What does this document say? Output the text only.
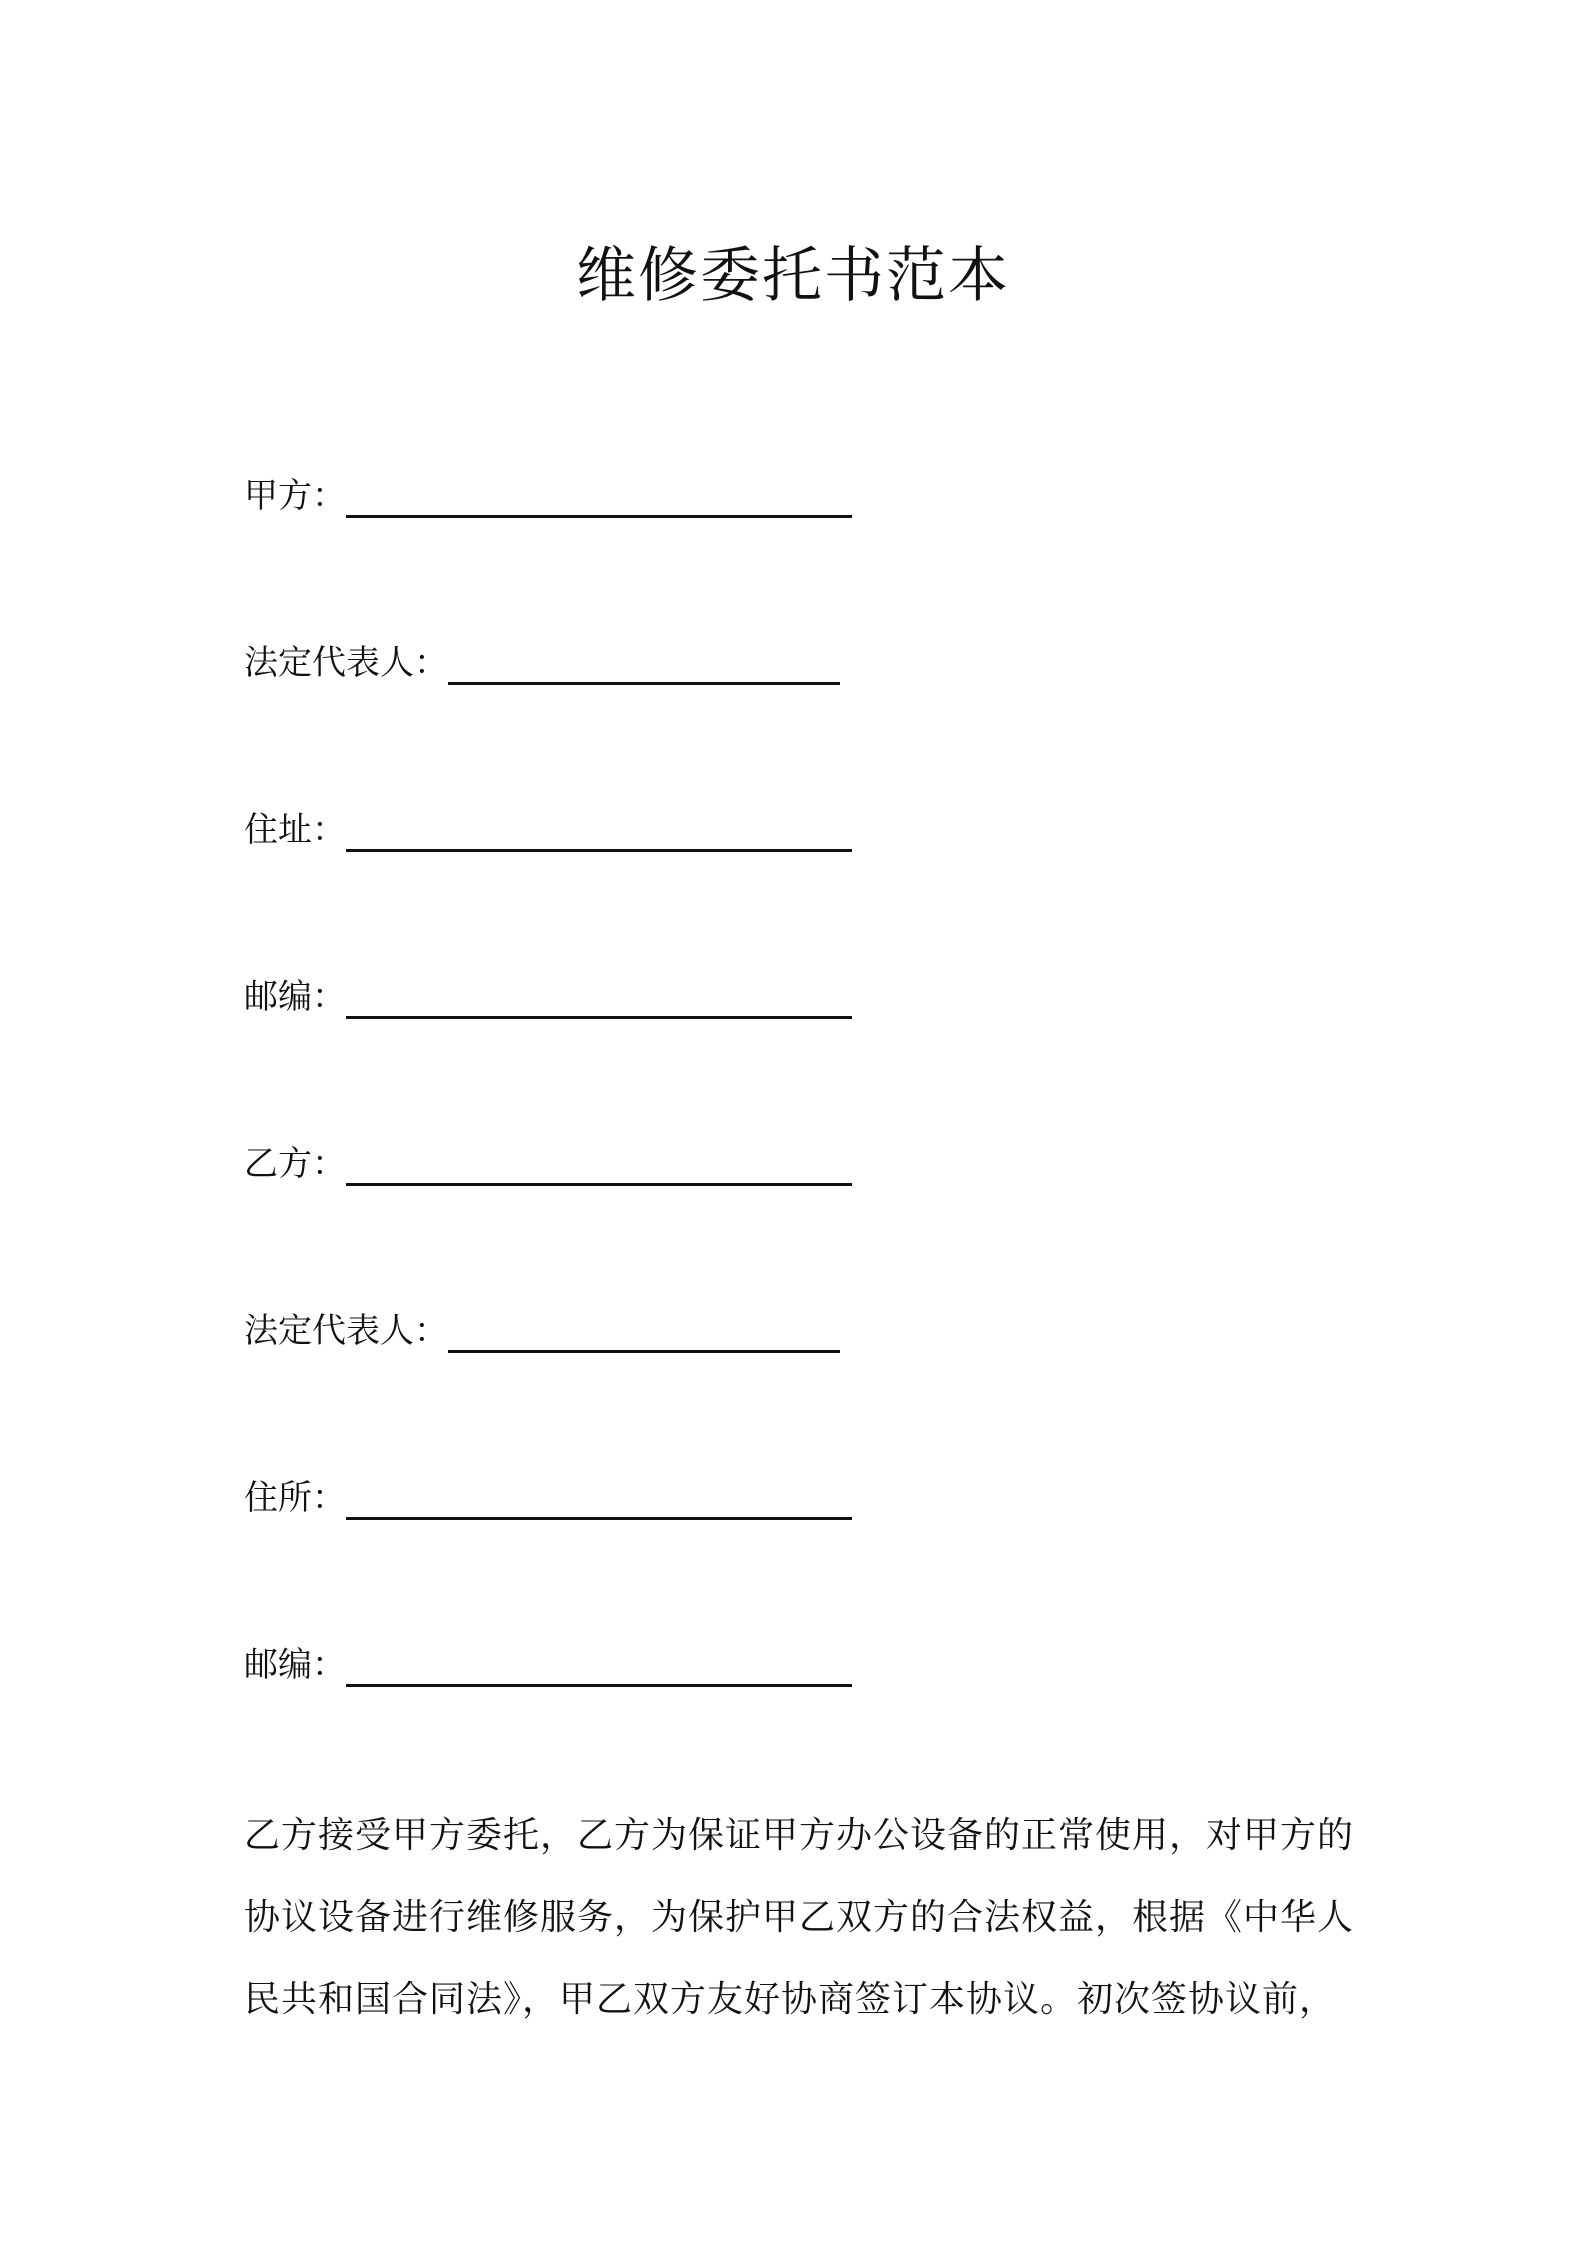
维修委托书范本
甲方：
法定代表人：
住址：
邮编：
乙方：
法定代表人：
住所：
邮编：
乙方接受甲方委托，乙方为保证甲方办公设备的正常使用，对甲方的
协议设备进行维修服务，为保护甲乙双方的合法权益，根据《中华人
民共和国合同法》，甲乙双方友好协商签订本协议。初次签协议前，
